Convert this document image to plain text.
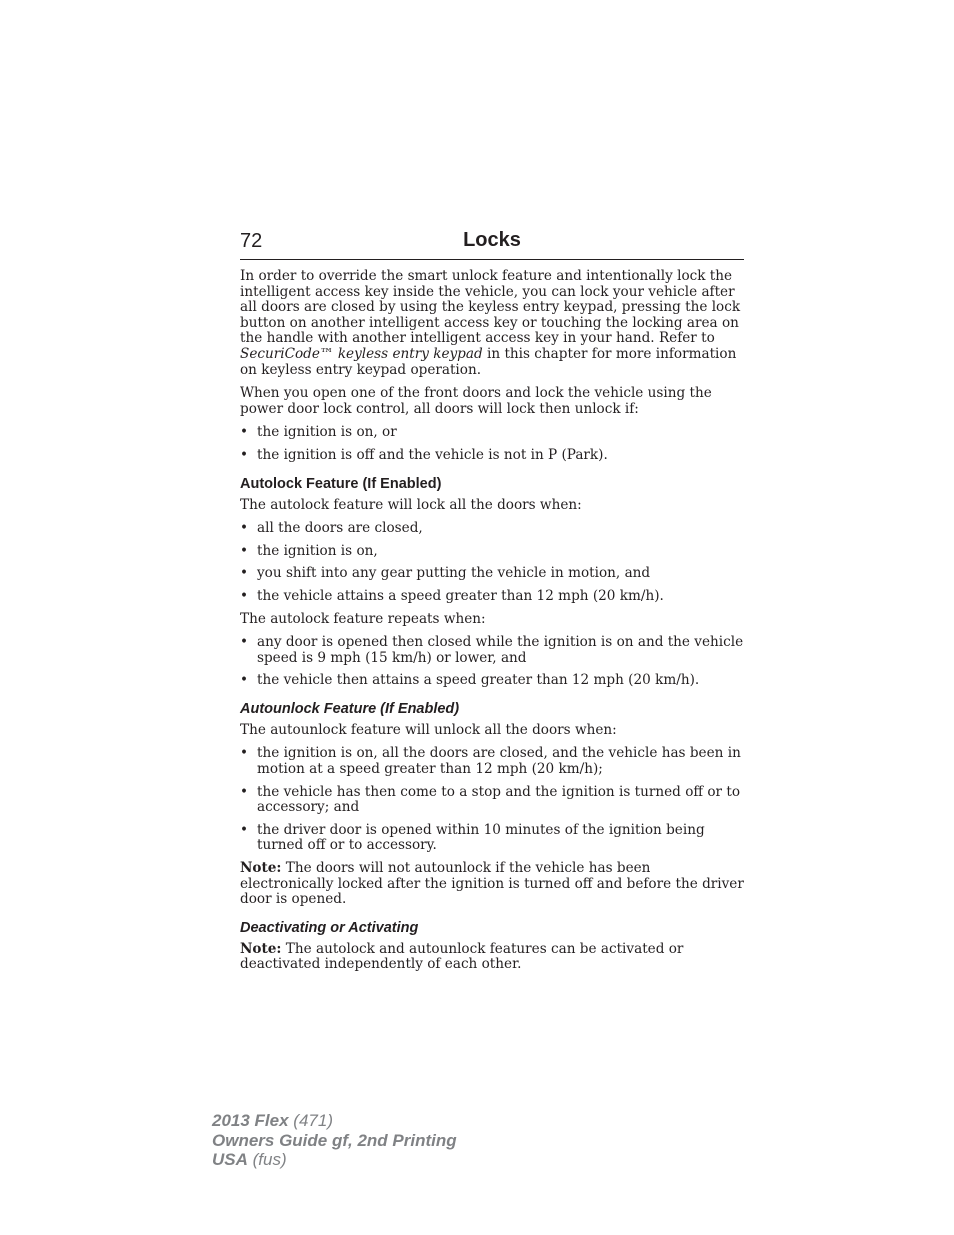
72	Locks

In order to override the smart unlock feature and intentionally lock the intelligent access key inside the vehicle, you can lock your vehicle after all doors are closed by using the keyless entry keypad, pressing the lock button on another intelligent access key or touching the locking area on the handle with another intelligent access key in your hand. Refer to SecuriCode™ keyless entry keypad in this chapter for more information on keyless entry keypad operation.

When you open one of the front doors and lock the vehicle using the power door lock control, all doors will lock then unlock if:

• the ignition is on, or
• the ignition is off and the vehicle is not in P (Park).
Autolock Feature (If Enabled)

The autolock feature will lock all the doors when:

• all the doors are closed,
• the ignition is on,
• you shift into any gear putting the vehicle in motion, and
• the vehicle attains a speed greater than 12 mph (20 km/h).

The autolock feature repeats when:

• any door is opened then closed while the ignition is on and the vehicle speed is 9 mph (15 km/h) or lower, and
• the vehicle then attains a speed greater than 12 mph (20 km/h).
Autounlock Feature (If Enabled)

The autounlock feature will unlock all the doors when:

• the ignition is on, all the doors are closed, and the vehicle has been in motion at a speed greater than 12 mph (20 km/h);
• the vehicle has then come to a stop and the ignition is turned off or to accessory; and
• the driver door is opened within 10 minutes of the ignition being turned off or to accessory.

Note: The doors will not autounlock if the vehicle has been electronically locked after the ignition is turned off and before the driver door is opened.

Deactivating or Activating

Note: The autolock and autounlock features can be activated or deactivated independently of each other.

2013 Flex (471)
Owners Guide gf, 2nd Printing
USA (fus)
